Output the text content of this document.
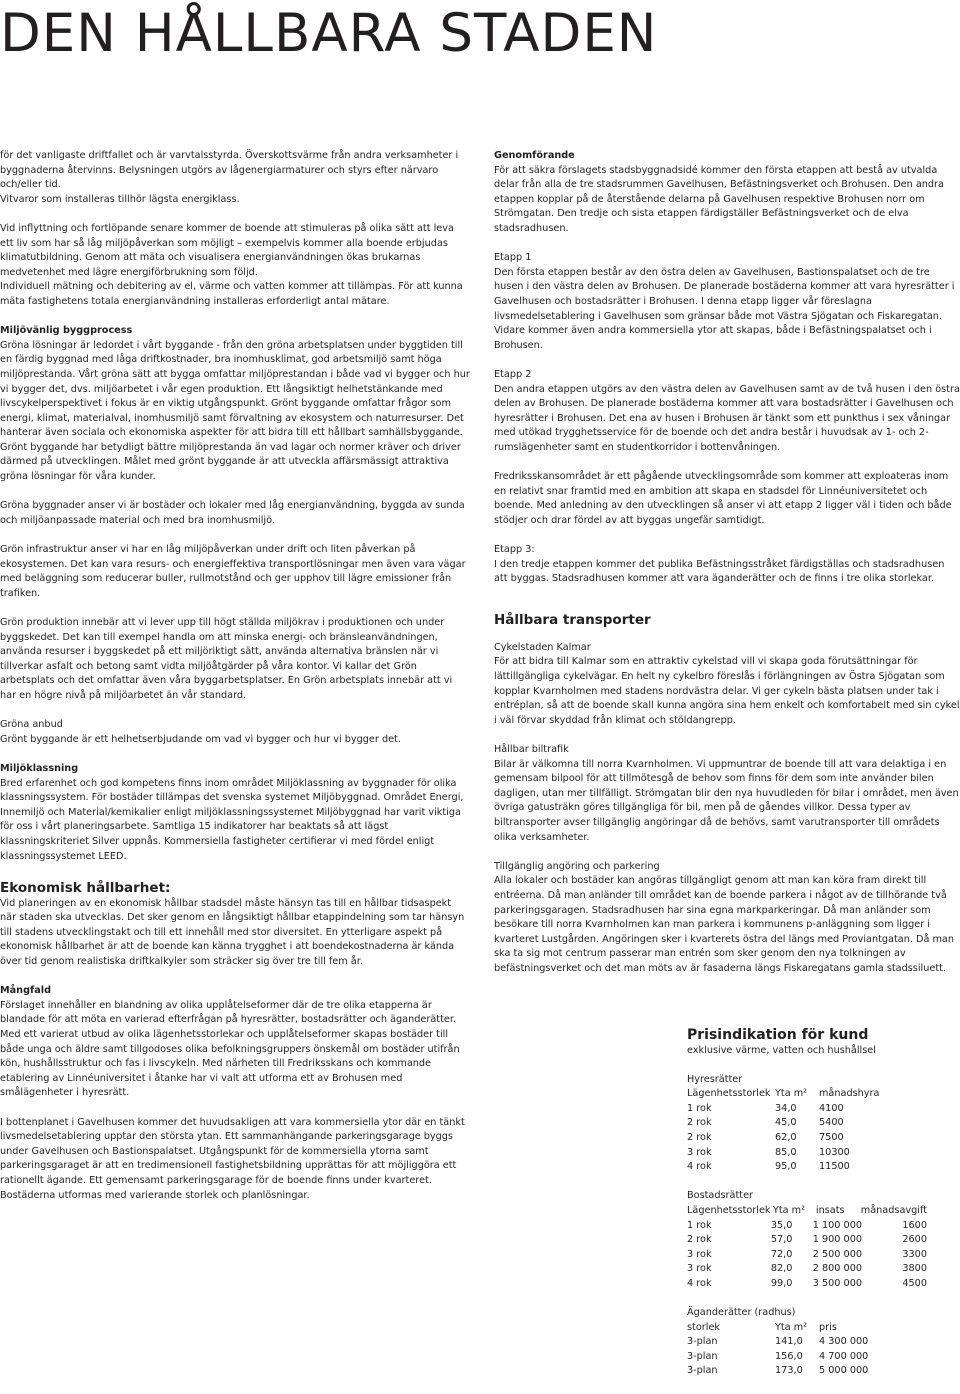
DEN HÅLLBARA STADEN

för det vanligaste driftfallet och är varvtalsstyrda. Överskottsvärme från andra verksamheter i byggnaderna återvinns. Belysningen utgörs av lågenergiarmaturer och styrs efter närvaro och/eller tid.

Vitvaror som installeras tillhör lägsta energiklass.

Vid inflyttning och fortlöpande senare kommer de boende att stimuleras på olika sätt att leva ett liv som har så låg miljöpåverkan som möjligt – exempelvis kommer alla boende erbjudas klimatutbildning. Genom att mäta och visualisera energianvändningen ökas brukarnas medvetenhet med lägre energiförbrukning som följd.

Individuell mätning och debitering av el, värme och vatten kommer att tillämpas. För att kunna mäta fastighetens totala energianvändning installeras erforderligt antal mätare.

Miljövänlig byggprocess
Gröna lösningar är ledordet i vårt byggande - från den gröna arbetsplatsen under byggtiden till en färdig byggnad med låga driftkostnader, bra inomhusklimat, god arbetsmiljö samt höga miljöprestanda. Vårt gröna sätt att bygga omfattar miljöprestandan i både vad vi bygger och hur vi bygger det, dvs. miljöarbetet i vår egen produktion. Ett långsiktigt helhetstänkande med livscykelperspektivet i fokus är en viktig utgångspunkt. Grönt byggande omfattar frågor som energi, klimat, materialval, inomhusmiljö samt förvaltning av ekosystem och naturresurser. Det hanterar även sociala och ekonomiska aspekter för att bidra till ett hållbart samhällsbyggande. Grönt byggande har betydligt bättre miljöprestanda än vad lagar och normer kräver och driver därmed på utvecklingen. Målet med grönt byggande är att utveckla affärsmässigt attraktiva gröna lösningar för våra kunder.

Gröna byggnader anser vi är bostäder och lokaler med låg energianvändning, byggda av sunda och miljöanpassade material och med bra inomhusmiljö.

Grön infrastruktur anser vi har en låg miljöpåverkan under drift och liten påverkan på ekosystemen. Det kan vara resurs- och energieffektiva transportlösningar men även vara vägar med beläggning som reducerar buller, rullmotstånd och ger upphov till lägre emissioner från trafiken.

Grön produktion innebär att vi lever upp till högt ställda miljökrav i produktionen och under byggskedet. Det kan till exempel handla om att minska energi- och bränsleanvändningen, använda resurser i byggskedet på ett miljöriktigt sätt, använda alternativa bränslen när vi tillverkar asfalt och betong samt vidta miljöåtgärder på våra kontor. Vi kallar det Grön arbetsplats och det omfattar även våra byggarbetsplatser. En Grön arbetsplats innebär att vi har en högre nivå på miljöarbetet än vår standard.

Gröna anbud
Grönt byggande är ett helhetserbjudande om vad vi bygger och hur vi bygger det.

Miljöklassning
Bred erfarenhet och god kompetens finns inom området Miljöklassning av byggnader för olika klassningssystem. För bostäder tillämpas det svenska systemet Miljöbyggnad. Området Energi, Innemiljö och Material/kemikalier enligt miljöklassningssystemet Miljöbyggnad har varit viktiga för oss i vårt planeringsarbete. Samtliga 15 indikatorer har beaktats så att lägst klassningskriteriet Silver uppnås. Kommersiella fastigheter certifierar vi med fördel enligt klassningssystemet LEED.

Ekonomisk hållbarhet:

Vid planeringen av en ekonomisk hållbar stadsdel måste hänsyn tas till en hållbar tidsaspekt när staden ska utvecklas. Det sker genom en långsiktigt hållbar etappindelning som tar hänsyn till stadens utvecklingstakt och till ett innehåll med stor diversitet. En ytterligare aspekt på ekonomisk hållbarhet är att de boende kan känna trygghet i att boendekostnaderna är kända över tid genom realistiska driftkalkyler som sträcker sig över tre till fem år.

Mångfald
Förslaget innehåller en blandning av olika upplåtelseformer där de tre olika etapperna är blandade för att möta en varierad efterfrågan på hyresrätter, bostadsrätter och äganderätter. Med ett varierat utbud av olika lägenhetsstorlekar och upplåtelseformer skapas bostäder till både unga och äldre samt tillgodoses olika befolkningsgruppers önskemål om bostäder utifrån kön, hushållsstruktur och fas i livscykeln. Med närheten till Fredriksskans och kommande etablering av Linnéuniversitet i åtanke har vi valt att utforma ett av Brohusen med smålägenheter i hyresrätt.

I bottenplanet i Gavelhusen kommer det huvudsakligen att vara kommersiella ytor där en tänkt livsmedelsetablering upptar den största ytan. Ett sammanhängande parkeringsgarage byggs under Gavelhusen och Bastionspalatset. Utgångspunkt för de kommersiella ytorna samt parkeringsgaraget är att en tredimensionell fastighetsbildning upprättas för att möjliggöra ett rationellt ägande. Ett gemensamt parkeringsgarage för de boende finns under kvarteret. Bostäderna utformas med varierande storlek och planlösningar.

Genomförande
För att säkra förslagets stadsbyggnadsidé kommer den första etappen att bestå av utvalda delar från alla de tre stadsrummen Gavelhusen, Befästningsverket och Brohusen. Den andra etappen kopplar på de återstående delarna på Gavelhusen respektive Brohusen norr om Strömgatan. Den tredje och sista etappen färdigställer Befästningsverket och de elva stadsradhusen.

Etapp 1
Den första etappen består av den östra delen av Gavelhusen, Bastionspalatset och de tre husen i den västra delen av Brohusen. De planerade bostäderna kommer att vara hyresrätter i Gavelhusen och bostadsrätter i Brohusen. I denna etapp ligger vår föreslagna livsmedelsetablering i Gavelhusen som gränsar både mot Västra Sjögatan och Fiskaregatan. Vidare kommer även andra kommersiella ytor att skapas, både i Befästningspalatset och i Brohusen.

Etapp 2
Den andra etappen utgörs av den västra delen av Gavelhusen samt av de två husen i den östra delen av Brohusen. De planerade bostäderna kommer att vara bostadsrätter i Gavelhusen och hyresrätter i Brohusen. Det ena av husen i Brohusen är tänkt som ett punkthus i sex våningar med utökad trygghetsservice för de boende och det andra består i huvudsak av 1- och 2-rumslägenheter samt en studentkorridor i bottenvåningen.

Fredriksskansområdet är ett pågående utvecklingsområde som kommer att exploateras inom en relativt snar framtid med en ambition att skapa en stadsdel för Linnéuniversitetet och boende. Med anledning av den utvecklingen så anser vi att etapp 2 ligger väl i tiden och både stödjer och drar fördel av att byggas ungefär samtidigt.

Etapp 3:
I den tredje etappen kommer det publika Befästningsstråket färdigställas och stadsradhusen att byggas. Stadsradhusen kommer att vara äganderätter och de finns i tre olika storlekar.

Hållbara transporter

Cykelstaden Kalmar
För att bidra till Kalmar som en attraktiv cykelstad vill vi skapa goda förutsättningar för lättillgängliga cykelvägar. En helt ny cykelbro föreslås i förlängningen av Östra Sjögatan som kopplar Kvarnholmen med stadens nordvästra delar. Vi ger cykeln bästa platsen under tak i entréplan, så att de boende skall kunna angöra sina hem enkelt och komfortabelt med sin cykel i väl förvar skyddad från klimat och stöldangrepp.

Hållbar biltrafik
Bilar är välkomna till norra Kvarnholmen. Vi uppmuntrar de boende till att vara delaktiga i en gemensam bilpool för att tillmötesgå de behov som finns för dem som inte använder bilen dagligen, utan mer tillfälligt. Strömgatan blir den nya huvudleden för bilar i området, men även övriga gatusträkn göres tillgängliga för bil, men på de gåendes villkor. Dessa typer av biltransporter avser tillgänglig angöringar då de behövs, samt varutransporter till områdets olika verksamheter.

Tillgänglig angöring och parkering
Alla lokaler och bostäder kan angöras tillgängligt genom att man kan köra fram direkt till entréerna. Då man anländer till området kan de boende parkera i något av de tillhörande två parkeringsgaragen. Stadsradhusen har sina egna markparkeringar. Då man anländer som besökare till norra Kvarnholmen kan man parkera i kommunens p-anläggning som ligger i kvarteret Lustgården. Angöringen sker i kvarterets östra del längs med Proviantgatan. Då man ska ta sig mot centrum passerar man entrén som sker genom den nya tolkningen av befästningsverket och det man möts av är fasaderna längs Fiskaregatans gamla stadssiluett.

Prisindikation för kund

exklusive värme, vatten och hushållsel

Hyresrätter
Lägenhetsstorlek Yta m²	månadshyra
1 rok	34,0	4100
2 rok	45,0	5400
2 rok	62,0	7500
3 rok	85,0	10300
4 rok	95,0	11500
Bostadsrätter
Lägenhetsstorlek Yta m²	insats	månadsavgift
1 rok	35,0	1 100 000	1600
2 rok	57,0	1 900 000	2600
3 rok	72,0	2 500 000	3300
3 rok	82,0	2 800 000	3800
4 rok	99,0	3 500 000	4500
Äganderätter (radhus)
storlek	Yta m²	pris
3-plan	141,0	4 300 000
3-plan	156,0	4 700 000
3-plan	173,0	5 000 000
